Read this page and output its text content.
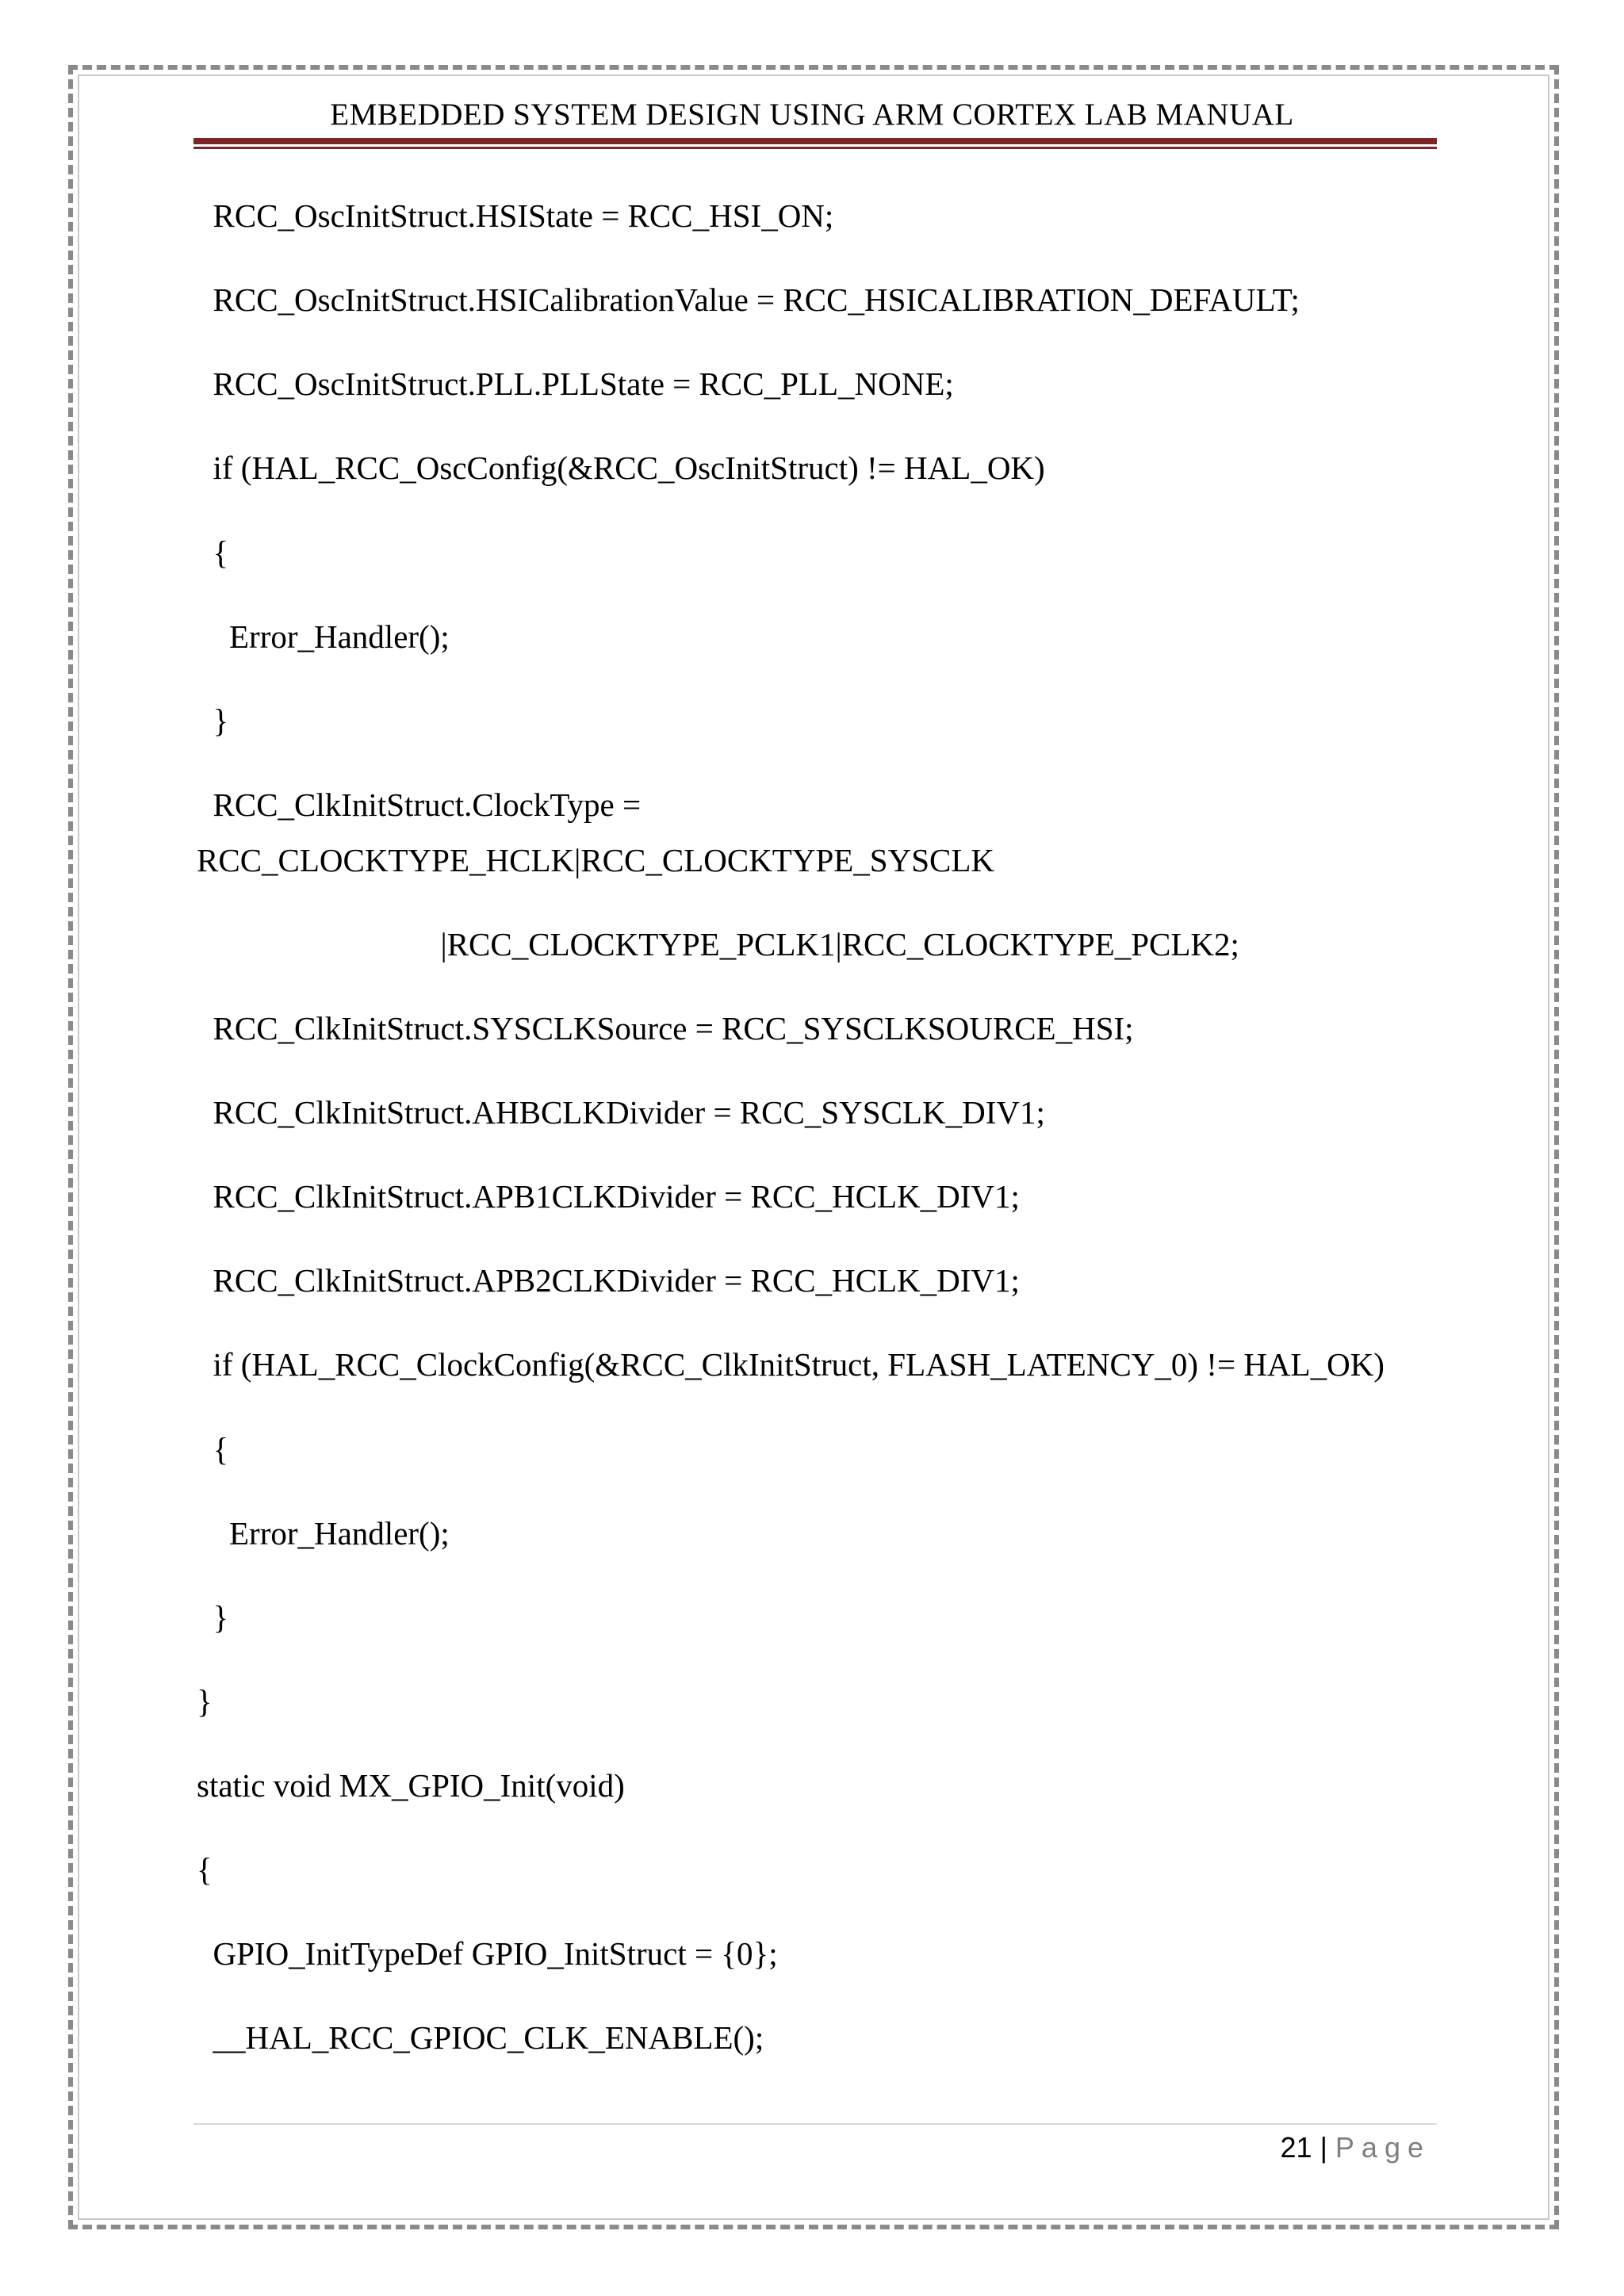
EMBEDDED SYSTEM DESIGN USING ARM CORTEX LAB MANUAL
RCC_OscInitStruct.HSIState = RCC_HSI_ON;
RCC_OscInitStruct.HSICalibrationValue = RCC_HSICALIBRATION_DEFAULT;
RCC_OscInitStruct.PLL.PLLState = RCC_PLL_NONE;
if (HAL_RCC_OscConfig(&RCC_OscInitStruct) != HAL_OK)
{
Error_Handler();
}
RCC_ClkInitStruct.ClockType =
RCC_CLOCKTYPE_HCLK|RCC_CLOCKTYPE_SYSCLK
|RCC_CLOCKTYPE_PCLK1|RCC_CLOCKTYPE_PCLK2;
RCC_ClkInitStruct.SYSCLKSource = RCC_SYSCLKSOURCE_HSI;
RCC_ClkInitStruct.AHBCLKDivider = RCC_SYSCLK_DIV1;
RCC_ClkInitStruct.APB1CLKDivider = RCC_HCLK_DIV1;
RCC_ClkInitStruct.APB2CLKDivider = RCC_HCLK_DIV1;
if (HAL_RCC_ClockConfig(&RCC_ClkInitStruct, FLASH_LATENCY_0) != HAL_OK)
{
Error_Handler();
}
}
static void MX_GPIO_Init(void)
{
GPIO_InitTypeDef GPIO_InitStruct = {0};
__HAL_RCC_GPIOC_CLK_ENABLE();
21 | Page
